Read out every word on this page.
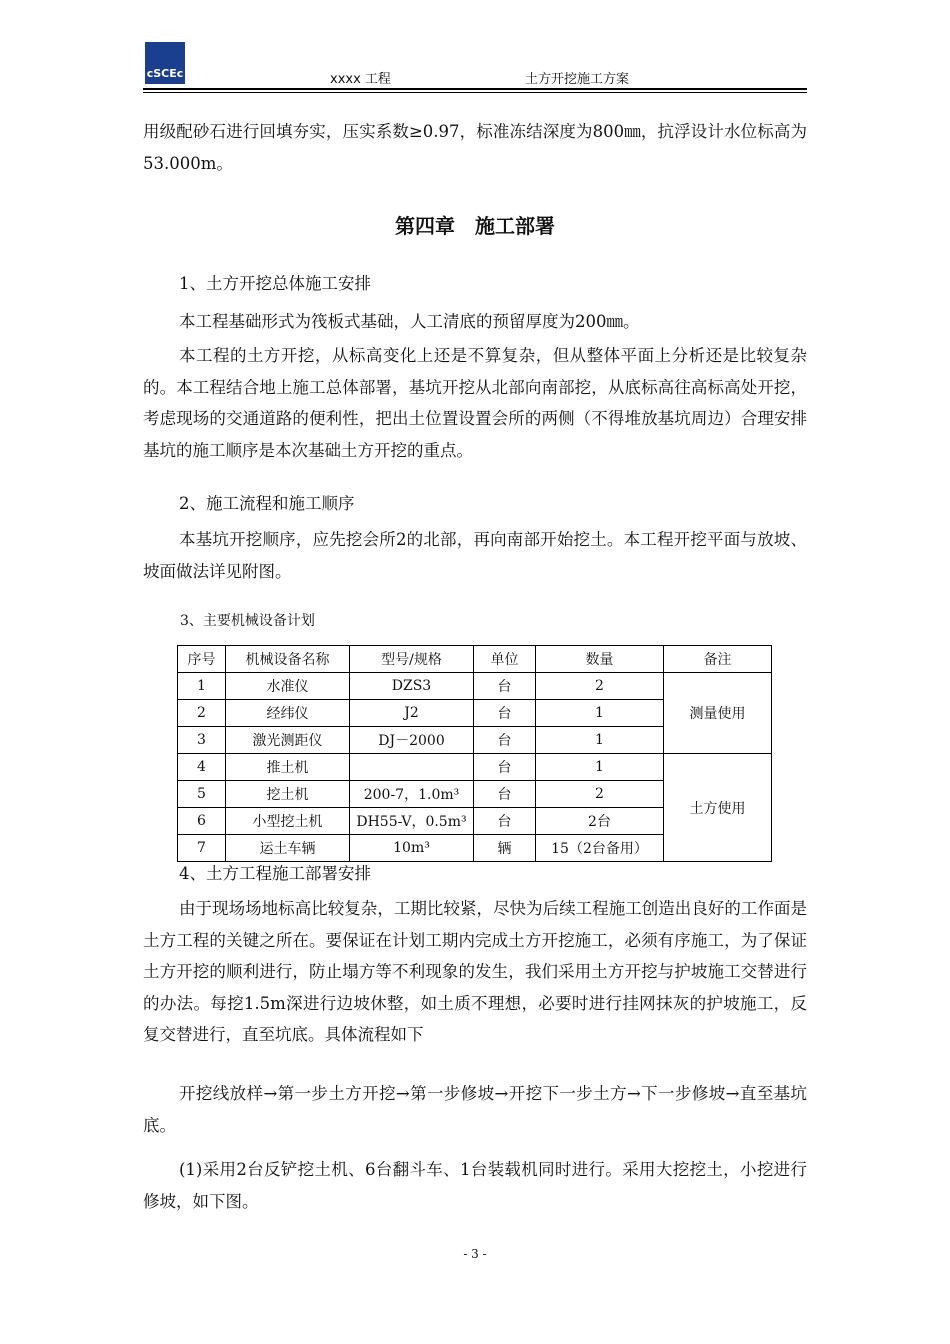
cSCEc	xxxx 工程	土方开挖施工方案

用级配砂石进行回填夯实，压实系数≥0.97，标准冻结深度为800㎜，抗浮设计水位标高为53.000m。

第四章　施工部署

1、土方开挖总体施工安排

本工程基础形式为筏板式基础，人工清底的预留厚度为200㎜。

本工程的土方开挖，从标高变化上还是不算复杂，但从整体平面上分析还是比较复杂的。本工程结合地上施工总体部署，基坑开挖从北部向南部挖，从底标高往高标高处开挖，考虑现场的交通道路的便利性，把出土位置设置会所的两侧（不得堆放基坑周边）合理安排基坑的施工顺序是本次基础土方开挖的重点。

2、施工流程和施工顺序

本基坑开挖顺序，应先挖会所2的北部，再向南部开始挖土。本工程开挖平面与放坡、坡面做法详见附图。

3、主要机械设备计划
序号	机械设备名称	型号/规格	单位	数量	备注
1	水准仪	DZS3	台	2	测量使用
2	经纬仪	J2	台	1	
3	激光测距仪	DJ－2000	台	1	
4	推土机		台	1	土方使用
5	挖土机	200-7，1.0m³	台	2	
6	小型挖土机	DH55-V，0.5m³	台	2台	
7	运土车辆	10m³	辆	15（2台备用）	

4、土方工程施工部署安排

由于现场场地标高比较复杂，工期比较紧，尽快为后续工程施工创造出良好的工作面是土方工程的关键之所在。要保证在计划工期内完成土方开挖施工，必须有序施工，为了保证土方开挖的顺利进行，防止塌方等不利现象的发生，我们采用土方开挖与护坡施工交替进行的办法。每挖1.5m深进行边坡休整，如土质不理想，必要时进行挂网抹灰的护坡施工，反复交替进行，直至坑底。具体流程如下

开挖线放样→第一步土方开挖→第一步修坡→开挖下一步土方→下一步修坡→直至基坑底。

(1)采用2台反铲挖土机、6台翻斗车、1台装载机同时进行。采用大挖挖土，小挖进行修坡，如下图。

- 3 -
